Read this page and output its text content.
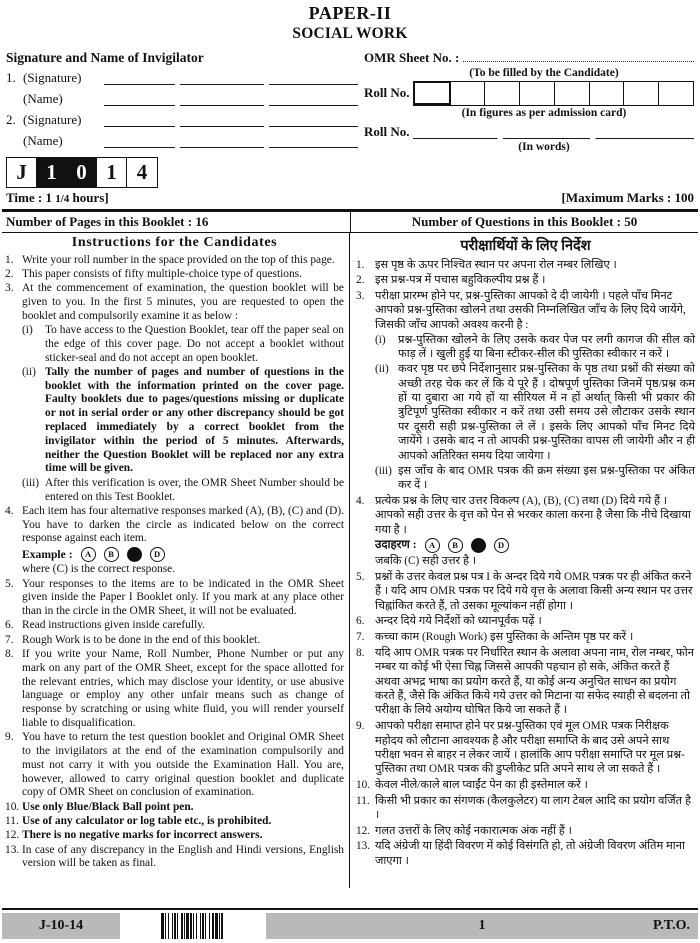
PAPER-II
SOCIAL WORK
Signature and Name of Invigilator
1. (Signature)
(Name)
2. (Signature)
(Name)
OMR Sheet No. :
(To be filled by the Candidate)
Roll No.
(In figures as per admission card)
Roll No.
(In words)
J 1 0 1 4
Time : 1 1/4 hours]	[Maximum Marks : 100
Number of Pages in this Booklet : 16	Number of Questions in this Booklet : 50
Instructions for the Candidates
1. Write your roll number in the space provided on the top of this page.
2. This paper consists of fifty multiple-choice type of questions.
3. At the commencement of examination, the question booklet will be given to you. In the first 5 minutes, you are requested to open the booklet and compulsorily examine it as below :
(i)	To have access to the Question Booklet, tear off the paper seal on the edge of this cover page. Do not accept a booklet without sticker-seal and do not accept an open booklet.
(ii) Tally the number of pages and number of questions in the booklet with the information printed on the cover page. Faulty booklets due to pages/questions missing or duplicate or not in serial order or any other discrepancy should be got replaced immediately by a correct booklet from the invigilator within the period of 5 minutes. Afterwards, neither the Question Booklet will be replaced nor any extra time will be given.
(iii) After this verification is over, the OMR Sheet Number should be entered on this Test Booklet.
4. Each item has four alternative responses marked (A), (B), (C) and (D). You have to darken the circle as indicated below on the correct response against each item.
Example :	A	B	D
where (C) is the correct response.
5. Your responses to the items are to be indicated in the OMR Sheet given inside the Paper I Booklet only. If you mark at any place other than in the circle in the OMR Sheet, it will not be evaluated.
6. Read instructions given inside carefully.
7. Rough Work is to be done in the end of this booklet.
8. If you write your Name, Roll Number, Phone Number or put any mark on any part of the OMR Sheet, except for the space allotted for the relevant entries, which may disclose your identity, or use abusive language or employ any other unfair means such as change of response by scratching or using white fluid, you will render yourself liable to disqualification.
9. You have to return the test question booklet and Original OMR Sheet to the invigilators at the end of the examination compulsorily and must not carry it with you outside the Examination Hall. You are, however, allowed to carry original question booklet and duplicate copy of OMR Sheet on conclusion of examination.
10. Use only Blue/Black Ball point pen.
11. Use of any calculator or log table etc., is prohibited.
12. There is no negative marks for incorrect answers.
13. In case of any discrepancy in the English and Hindi versions, English version will be taken as final.
परीक्षार्थियों के लिए निर्देश
1. इस पृष्ठ के ऊपर निश्चित स्थान पर अपना रोल नम्बर लिखिए ।
2. इस प्रश्न-पत्र में पचास बहुविकल्पीय प्रश्न हैं ।
3. परीक्षा प्रारम्भ होने पर, प्रश्न-पुस्तिका आपको दे दी जायेगी । पहले पाँच मिनट आपको प्रश्न-पुस्तिका खोलने तथा उसकी निम्नलिखित जाँच के लिए दिये जायेंगे, जिसकी जाँच आपको अवश्य करनी है :
(i)	प्रश्न-पुस्तिका खोलने के लिए उसके कवर पेज पर लगी कागज की सील को फाड़ लें । खुली हुई या बिना स्टीकर-सील की पुस्तिका स्वीकार न करें ।
(ii) कवर पृष्ठ पर छपे निर्देशानुसार प्रश्न-पुस्तिका के पृष्ठ तथा प्रश्नों की संख्या को अच्छी तरह चेक कर लें कि ये पूरे हैं । दोषपूर्ण पुस्तिका जिनमें पृष्ठ/प्रश्न कम हों या दुबारा आ गये हों या सीरियल में न हों अर्थात् किसी भी प्रकार की त्रुटिपूर्ण पुस्तिका स्वीकार न करें तथा उसी समय उसे लौटाकर उसके स्थान पर दूसरी सही प्रश्न-पुस्तिका ले लें । इसके लिए आपको पाँच मिनट दिये जायेंगे । उसके बाद न तो आपकी प्रश्न-पुस्तिका वापस ली जायेगी और न ही आपको अतिरिक्त समय दिया जायेगा ।
(iii) इस जाँच के बाद OMR पत्रक की क्रम संख्या इस प्रश्न-पुस्तिका पर अंकित कर दें ।
4. प्रत्येक प्रश्न के लिए चार उत्तर विकल्प (A), (B), (C) तथा (D) दिये गये हैं । आपको सही उत्तर के वृत्त को पेन से भरकर काला करना है जैसा कि नीचे दिखाया गया है ।
उदाहरण :	A	B	D
जबकि (C) सही उत्तर है ।
5. प्रश्नों के उत्तर केवल प्रश्न पत्र I के अन्दर दिये गये OMR पत्रक पर ही अंकित करने हैं । यदि आप OMR पत्रक पर दिये गये वृत्त के अलावा किसी अन्य स्थान पर उत्तर चिह्नांकित करते हैं, तो उसका मूल्यांकन नहीं होगा ।
6. अन्दर दिये गये निर्देशों को ध्यानपूर्वक पढ़ें ।
7. कच्चा काम (Rough Work) इस पुस्तिका के अन्तिम पृष्ठ पर करें ।
8. यदि आप OMR पत्रक पर निर्धारित स्थान के अलावा अपना नाम, रोल नम्बर, फोन नम्बर या कोई भी ऐसा चिह्न जिससे आपकी पहचान हो सके, अंकित करते हैं अथवा अभद्र भाषा का प्रयोग करते हैं, या कोई अन्य अनुचित साधन का प्रयोग करते हैं, जैसे कि अंकित किये गये उत्तर को मिटाना या सफेद स्याही से बदलना तो परीक्षा के लिये अयोग्य घोषित किये जा सकते हैं ।
9. आपको परीक्षा समाप्त होने पर प्रश्न-पुस्तिका एवं मूल OMR पत्रक निरीक्षक महोदय को लौटाना आवश्यक है और परीक्षा समाप्ति के बाद उसे अपने साथ परीक्षा भवन से बाहर न लेकर जायें । हालांकि आप परीक्षा समाप्ति पर मूल प्रश्न-पुस्तिका तथा OMR पत्रक की डुप्लीकेट प्रति अपने साथ ले जा सकते हैं ।
10. केवल नीले/काले बाल प्वाईंट पेन का ही इस्तेमाल करें ।
11. किसी भी प्रकार का संगणक (कैलकुलेटर) या लाग टेबल आदि का प्रयोग वर्जित है ।
12. गलत उत्तरों के लिए कोई नकारात्मक अंक नहीं हैं ।
13. यदि अंग्रेजी या हिंदी विवरण में कोई विसंगति हो, तो अंग्रेजी विवरण अंतिम माना जाएगा ।
J-10-14	1	P.T.O.
